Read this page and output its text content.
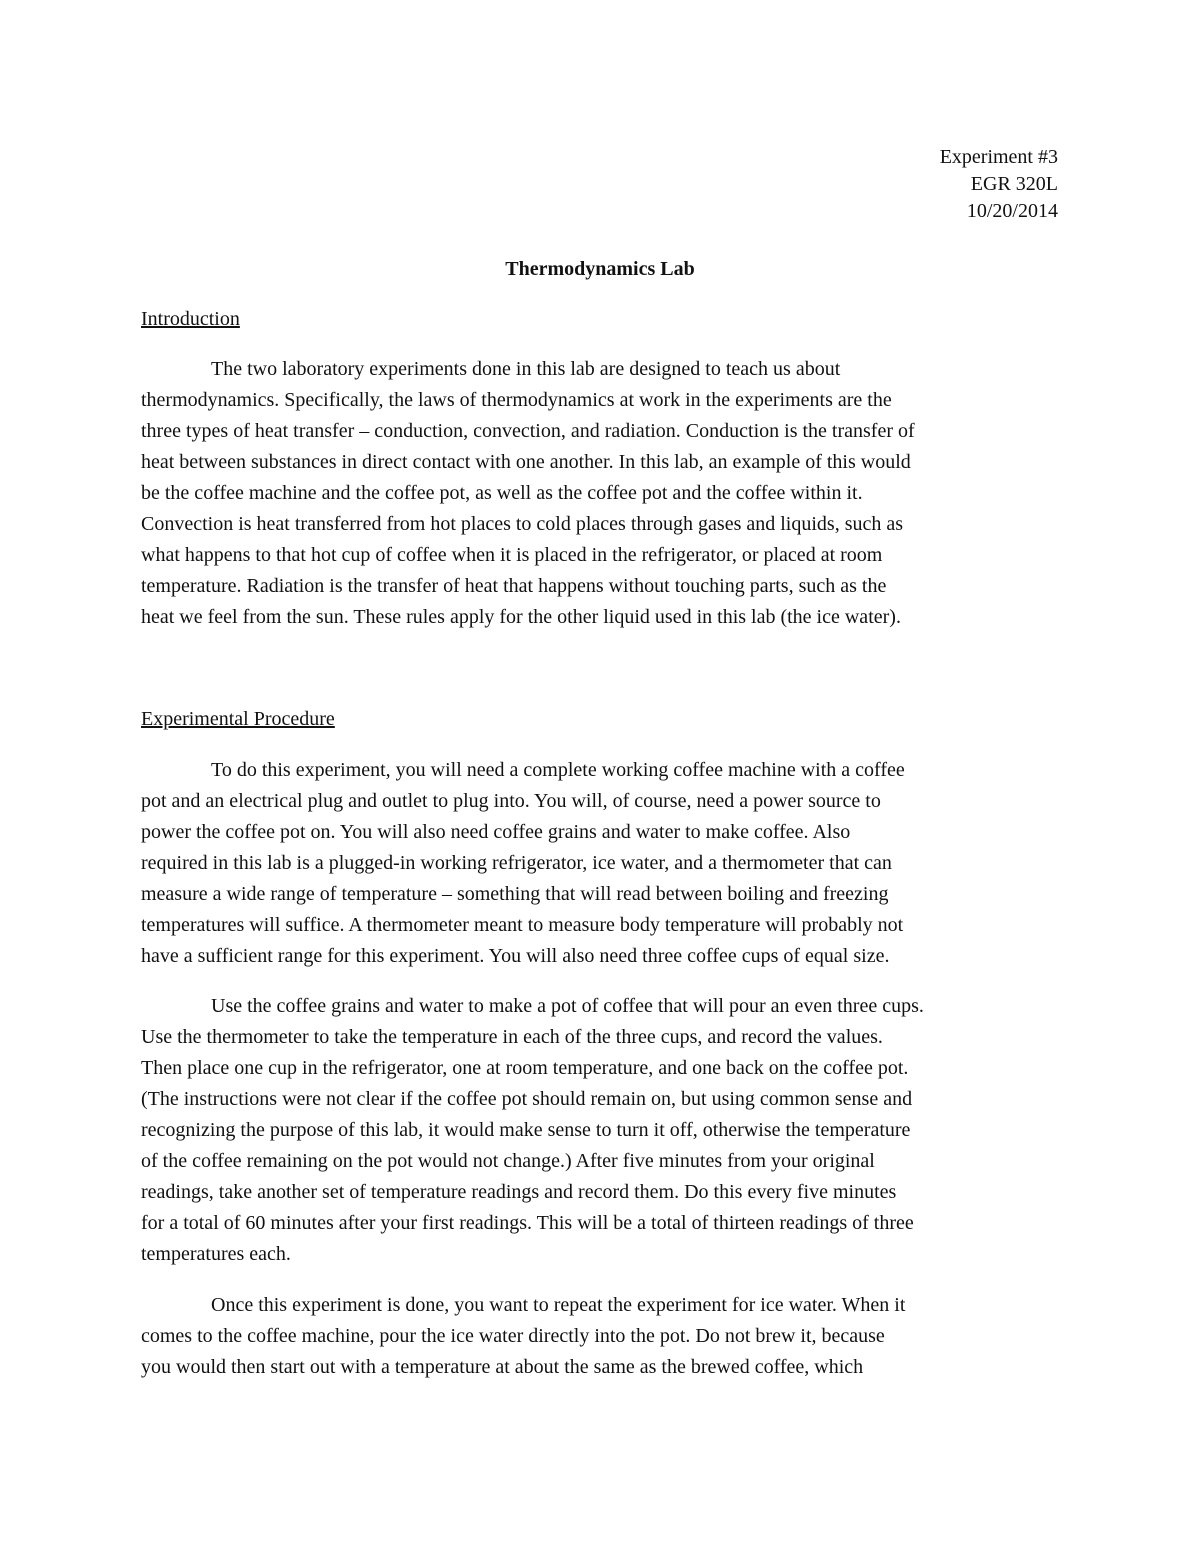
Experiment #3
EGR 320L
10/20/2014
Thermodynamics Lab
Introduction
The two laboratory experiments done in this lab are designed to teach us about
thermodynamics. Specifically, the laws of thermodynamics at work in the experiments are the
three types of heat transfer – conduction, convection, and radiation. Conduction is the transfer of
heat between substances in direct contact with one another. In this lab, an example of this would
be the coffee machine and the coffee pot, as well as the coffee pot and the coffee within it.
Convection is heat transferred from hot places to cold places through gases and liquids, such as
what happens to that hot cup of coffee when it is placed in the refrigerator, or placed at room
temperature. Radiation is the transfer of heat that happens without touching parts, such as the
heat we feel from the sun. These rules apply for the other liquid used in this lab (the ice water).
Experimental Procedure
To do this experiment, you will need a complete working coffee machine with a coffee
pot and an electrical plug and outlet to plug into. You will, of course, need a power source to
power the coffee pot on. You will also need coffee grains and water to make coffee. Also
required in this lab is a plugged-in working refrigerator, ice water, and a thermometer that can
measure a wide range of temperature – something that will read between boiling and freezing
temperatures will suffice. A thermometer meant to measure body temperature will probably not
have a sufficient range for this experiment. You will also need three coffee cups of equal size.
Use the coffee grains and water to make a pot of coffee that will pour an even three cups.
Use the thermometer to take the temperature in each of the three cups, and record the values.
Then place one cup in the refrigerator, one at room temperature, and one back on the coffee pot.
(The instructions were not clear if the coffee pot should remain on, but using common sense and
recognizing the purpose of this lab, it would make sense to turn it off, otherwise the temperature
of the coffee remaining on the pot would not change.) After five minutes from your original
readings, take another set of temperature readings and record them. Do this every five minutes
for a total of 60 minutes after your first readings. This will be a total of thirteen readings of three
temperatures each.
Once this experiment is done, you want to repeat the experiment for ice water. When it
comes to the coffee machine, pour the ice water directly into the pot. Do not brew it, because
you would then start out with a temperature at about the same as the brewed coffee, which
